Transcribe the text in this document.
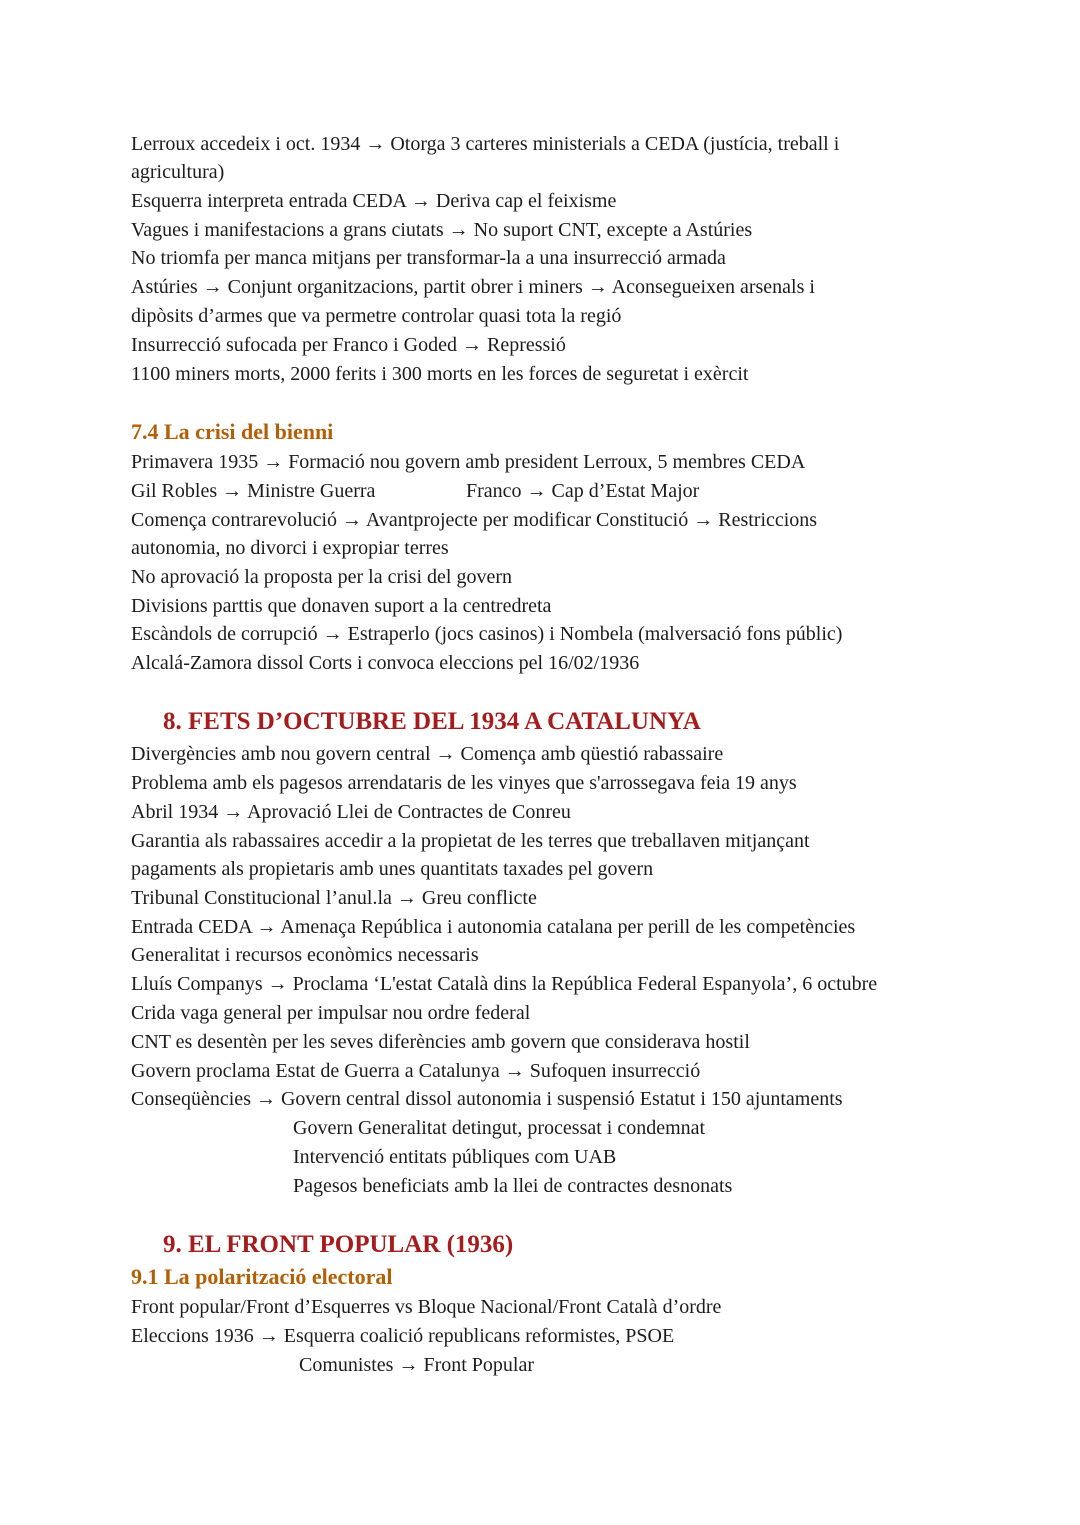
Lerroux accedeix i oct. 1934 → Otorga 3 carteres ministerials a CEDA (justícia, treball i
agricultura)
Esquerra interpreta entrada CEDA → Deriva cap el feixisme
Vagues i manifestacions a grans ciutats → No suport CNT, excepte a Astúries
No triomfa per manca mitjans per transformar-la a una insurrecció armada
Astúries → Conjunt organitzacions, partit obrer i miners → Aconsegueixen arsenals i
dipòsits d’armes que va permetre controlar quasi tota la regió
Insurrecció sufocada per Franco i Goded → Repressió
1100 miners morts, 2000 ferits i 300 morts en les forces de seguretat i exèrcit
7.4 La crisi del bienni
Primavera 1935 → Formació nou govern amb president Lerroux, 5 membres CEDA
Gil Robles → Ministre Guerra	Franco → Cap d’Estat Major
Comença contrarevolució → Avantprojecte per modificar Constitució → Restriccions
autonomia, no divorci i expropiar terres
No aprovació la proposta per la crisi del govern
Divisions parttis que donaven suport a la centredreta
Escàndols de corrupció → Estraperlo (jocs casinos) i Nombela (malversació fons públic)
Alcalá-Zamora dissol Corts i convoca eleccions pel 16/02/1936
8. FETS D’OCTUBRE DEL 1934 A CATALUNYA
Divergències amb nou govern central → Comença amb qüestió rabassaire
Problema amb els pagesos arrendataris de les vinyes que s'arrossegava feia 19 anys
Abril 1934 → Aprovació Llei de Contractes de Conreu
Garantia als rabassaires accedir a la propietat de les terres que treballaven mitjançant
pagaments als propietaris amb unes quantitats taxades pel govern
Tribunal Constitucional l’anul.la → Greu conflicte
Entrada CEDA → Amenaça República i autonomia catalana per perill de les competències
Generalitat i recursos econòmics necessaris
Lluís Companys → Proclama ‘L'estat Català dins la República Federal Espanyola’, 6 octubre
Crida vaga general per impulsar nou ordre federal
CNT es desentèn per les seves diferències amb govern que considerava hostil
Govern proclama Estat de Guerra a Catalunya → Sufoquen insurrecció
Conseqüències → Govern central dissol autonomia i suspensió Estatut i 150 ajuntaments
Govern Generalitat detingut, processat i condemnat
Intervenció entitats públiques com UAB
Pagesos beneficiats amb la llei de contractes desnonats
9. EL FRONT POPULAR (1936)
9.1 La polarització electoral
Front popular/Front d’Esquerres vs Bloque Nacional/Front Català d’ordre
Eleccions 1936 → Esquerra coalició republicans reformistes, PSOE
Comunistes → Front Popular
